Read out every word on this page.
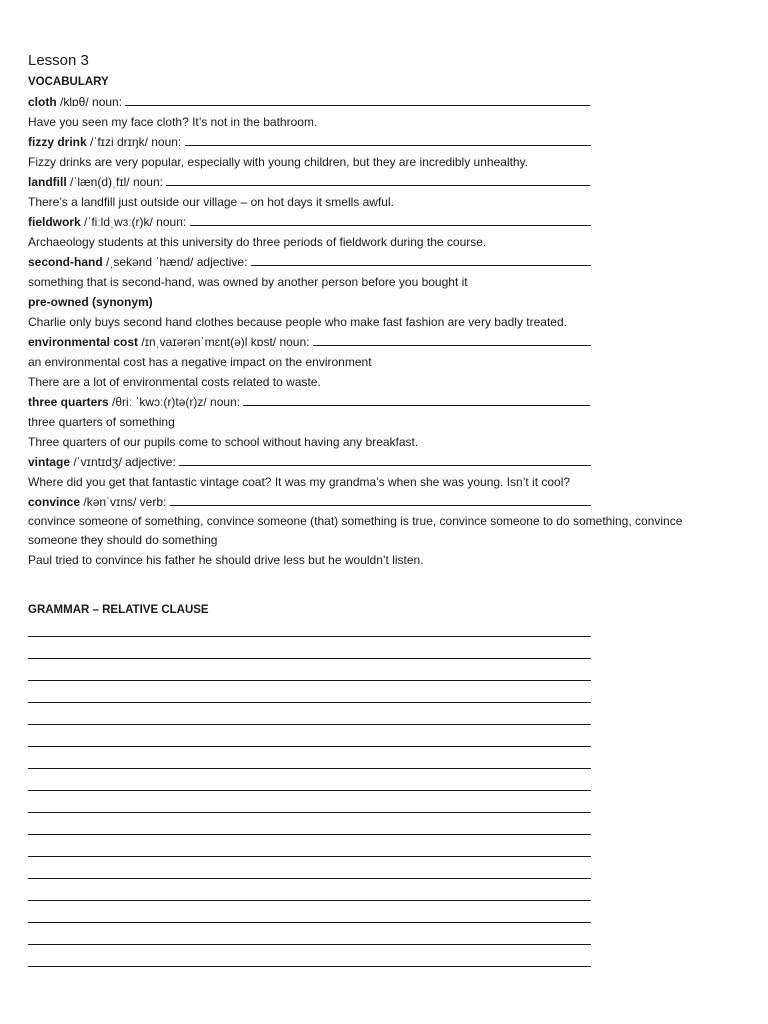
Lesson 3
VOCABULARY
cloth /klɒθ/ noun:
Have you seen my face cloth? It’s not in the bathroom.
fizzy drink /ˈfɪzi drɪŋk/ noun:
Fizzy drinks are very popular, especially with young children, but they are incredibly unhealthy.
landfill /ˈlæn(d)ˌfɪl/ noun:
There’s a landfill just outside our village – on hot days it smells awful.
fieldwork /ˈfiːldˌwɜː(r)k/ noun:
Archaeology students at this university do three periods of fieldwork during the course.
second-hand /ˌsekənd ˈhænd/ adjective:
something that is second-hand, was owned by another person before you bought it
pre-owned (synonym)
Charlie only buys second hand clothes because people who make fast fashion are very badly treated.
environmental cost /ɪnˌvaɪərənˈmɛnt(ə)l kɒst/ noun:
an environmental cost has a negative impact on the environment
There are a lot of environmental costs related to waste.
three quarters /θriː ˈkwɔː(r)tə(r)z/ noun:
three quarters of something
Three quarters of our pupils come to school without having any breakfast.
vintage /ˈvɪntɪdʒ/ adjective:
Where did you get that fantastic vintage coat? It was my grandma’s when she was young. Isn’t it cool?
convince /kənˈvɪns/ verb:
convince someone of something, convince someone (that) something is true, convince someone to do something, convince someone they should do something
Paul tried to convince his father he should drive less but he wouldn’t listen.
GRAMMAR – RELATIVE CLAUSE
